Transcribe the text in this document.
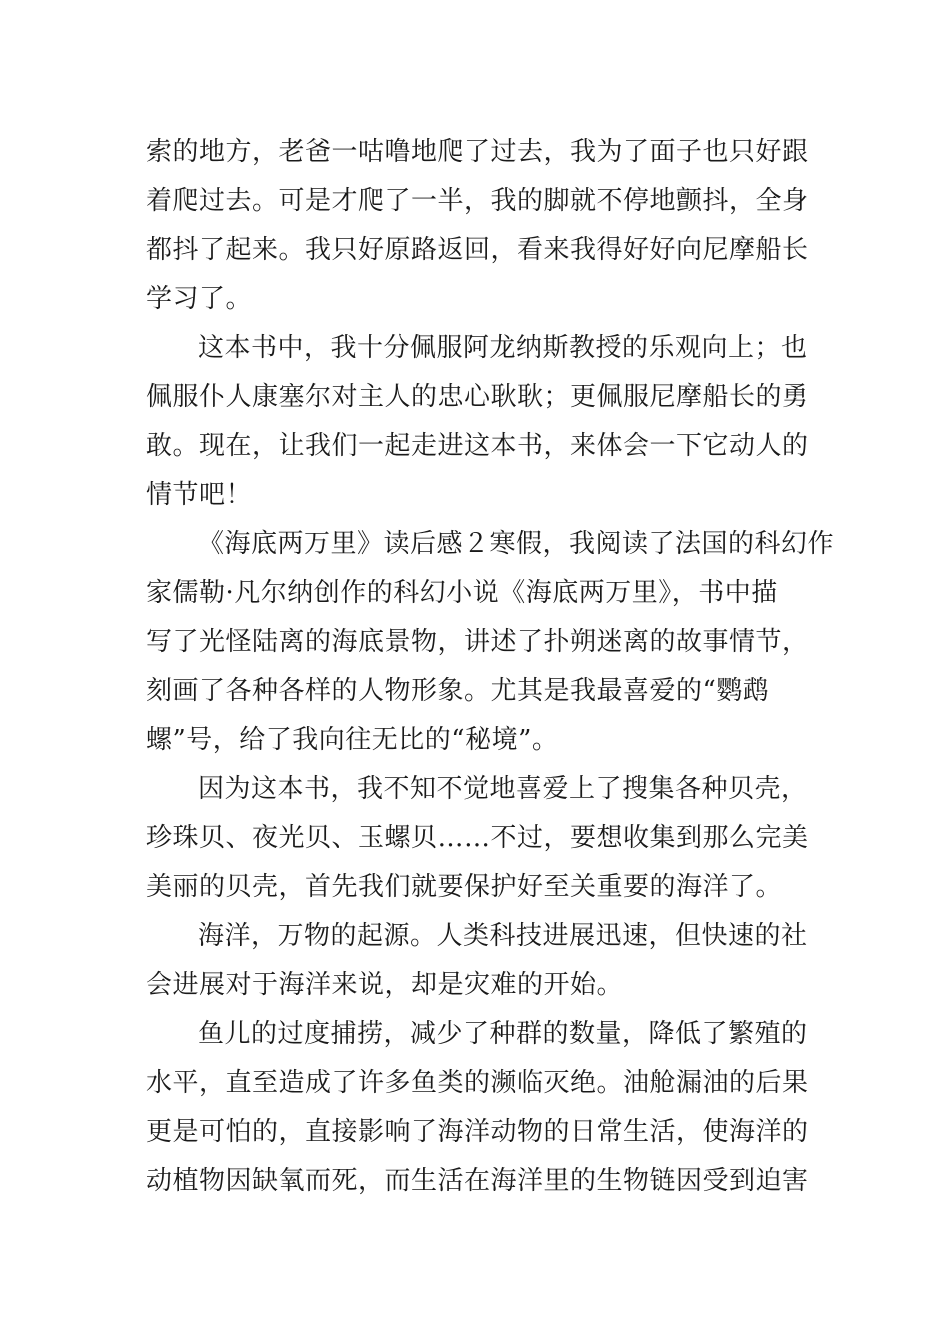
索的地方，老爸一咕噜地爬了过去，我为了面子也只好跟
着爬过去。可是才爬了一半，我的脚就不停地颤抖，全身
都抖了起来。我只好原路返回，看来我得好好向尼摩船长
学习了。

这本书中，我十分佩服阿龙纳斯教授的乐观向上；也
佩服仆人康塞尔对主人的忠心耿耿；更佩服尼摩船长的勇
敢。现在，让我们一起走进这本书，来体会一下它动人的
情节吧！

《海底两万里》读后感２寒假，我阅读了法国的科幻作
家儒勒·凡尔纳创作的科幻小说《海底两万里》，书中描
写了光怪陆离的海底景物，讲述了扑朔迷离的故事情节，
刻画了各种各样的人物形象。尤其是我最喜爱的“鹦鹉
螺”号，给了我向往无比的“秘境”。

因为这本书，我不知不觉地喜爱上了搜集各种贝壳，
珍珠贝、夜光贝、玉螺贝……不过，要想收集到那么完美
美丽的贝壳，首先我们就要保护好至关重要的海洋了。

海洋，万物的起源。人类科技进展迅速，但快速的社
会进展对于海洋来说，却是灾难的开始。

鱼儿的过度捕捞，减少了种群的数量，降低了繁殖的
水平，直至造成了许多鱼类的濒临灭绝。油舱漏油的后果
更是可怕的，直接影响了海洋动物的日常生活，使海洋的
动植物因缺氧而死，而生活在海洋里的生物链因受到迫害
